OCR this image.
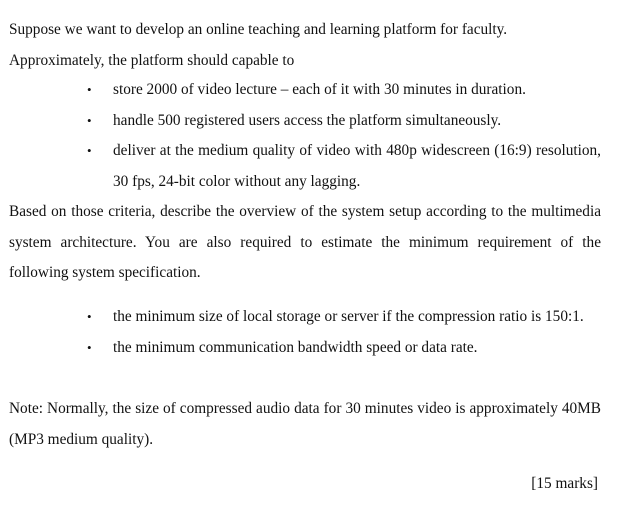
Suppose we want to develop an online teaching and learning platform for faculty.
Approximately, the platform should capable to

• store 2000 of video lecture – each of it with 30 minutes in duration.
• handle 500 registered users access the platform simultaneously.
• deliver at the medium quality of video with 480p widescreen (16:9) resolution, 30 fps, 24-bit color without any lagging.

Based on those criteria, describe the overview of the system setup according to the multimedia system architecture. You are also required to estimate the minimum requirement of the following system specification.

• the minimum size of local storage or server if the compression ratio is 150:1.
• the minimum communication bandwidth speed or data rate.

Note: Normally, the size of compressed audio data for 30 minutes video is approximately 40MB (MP3 medium quality).

[15 marks]
